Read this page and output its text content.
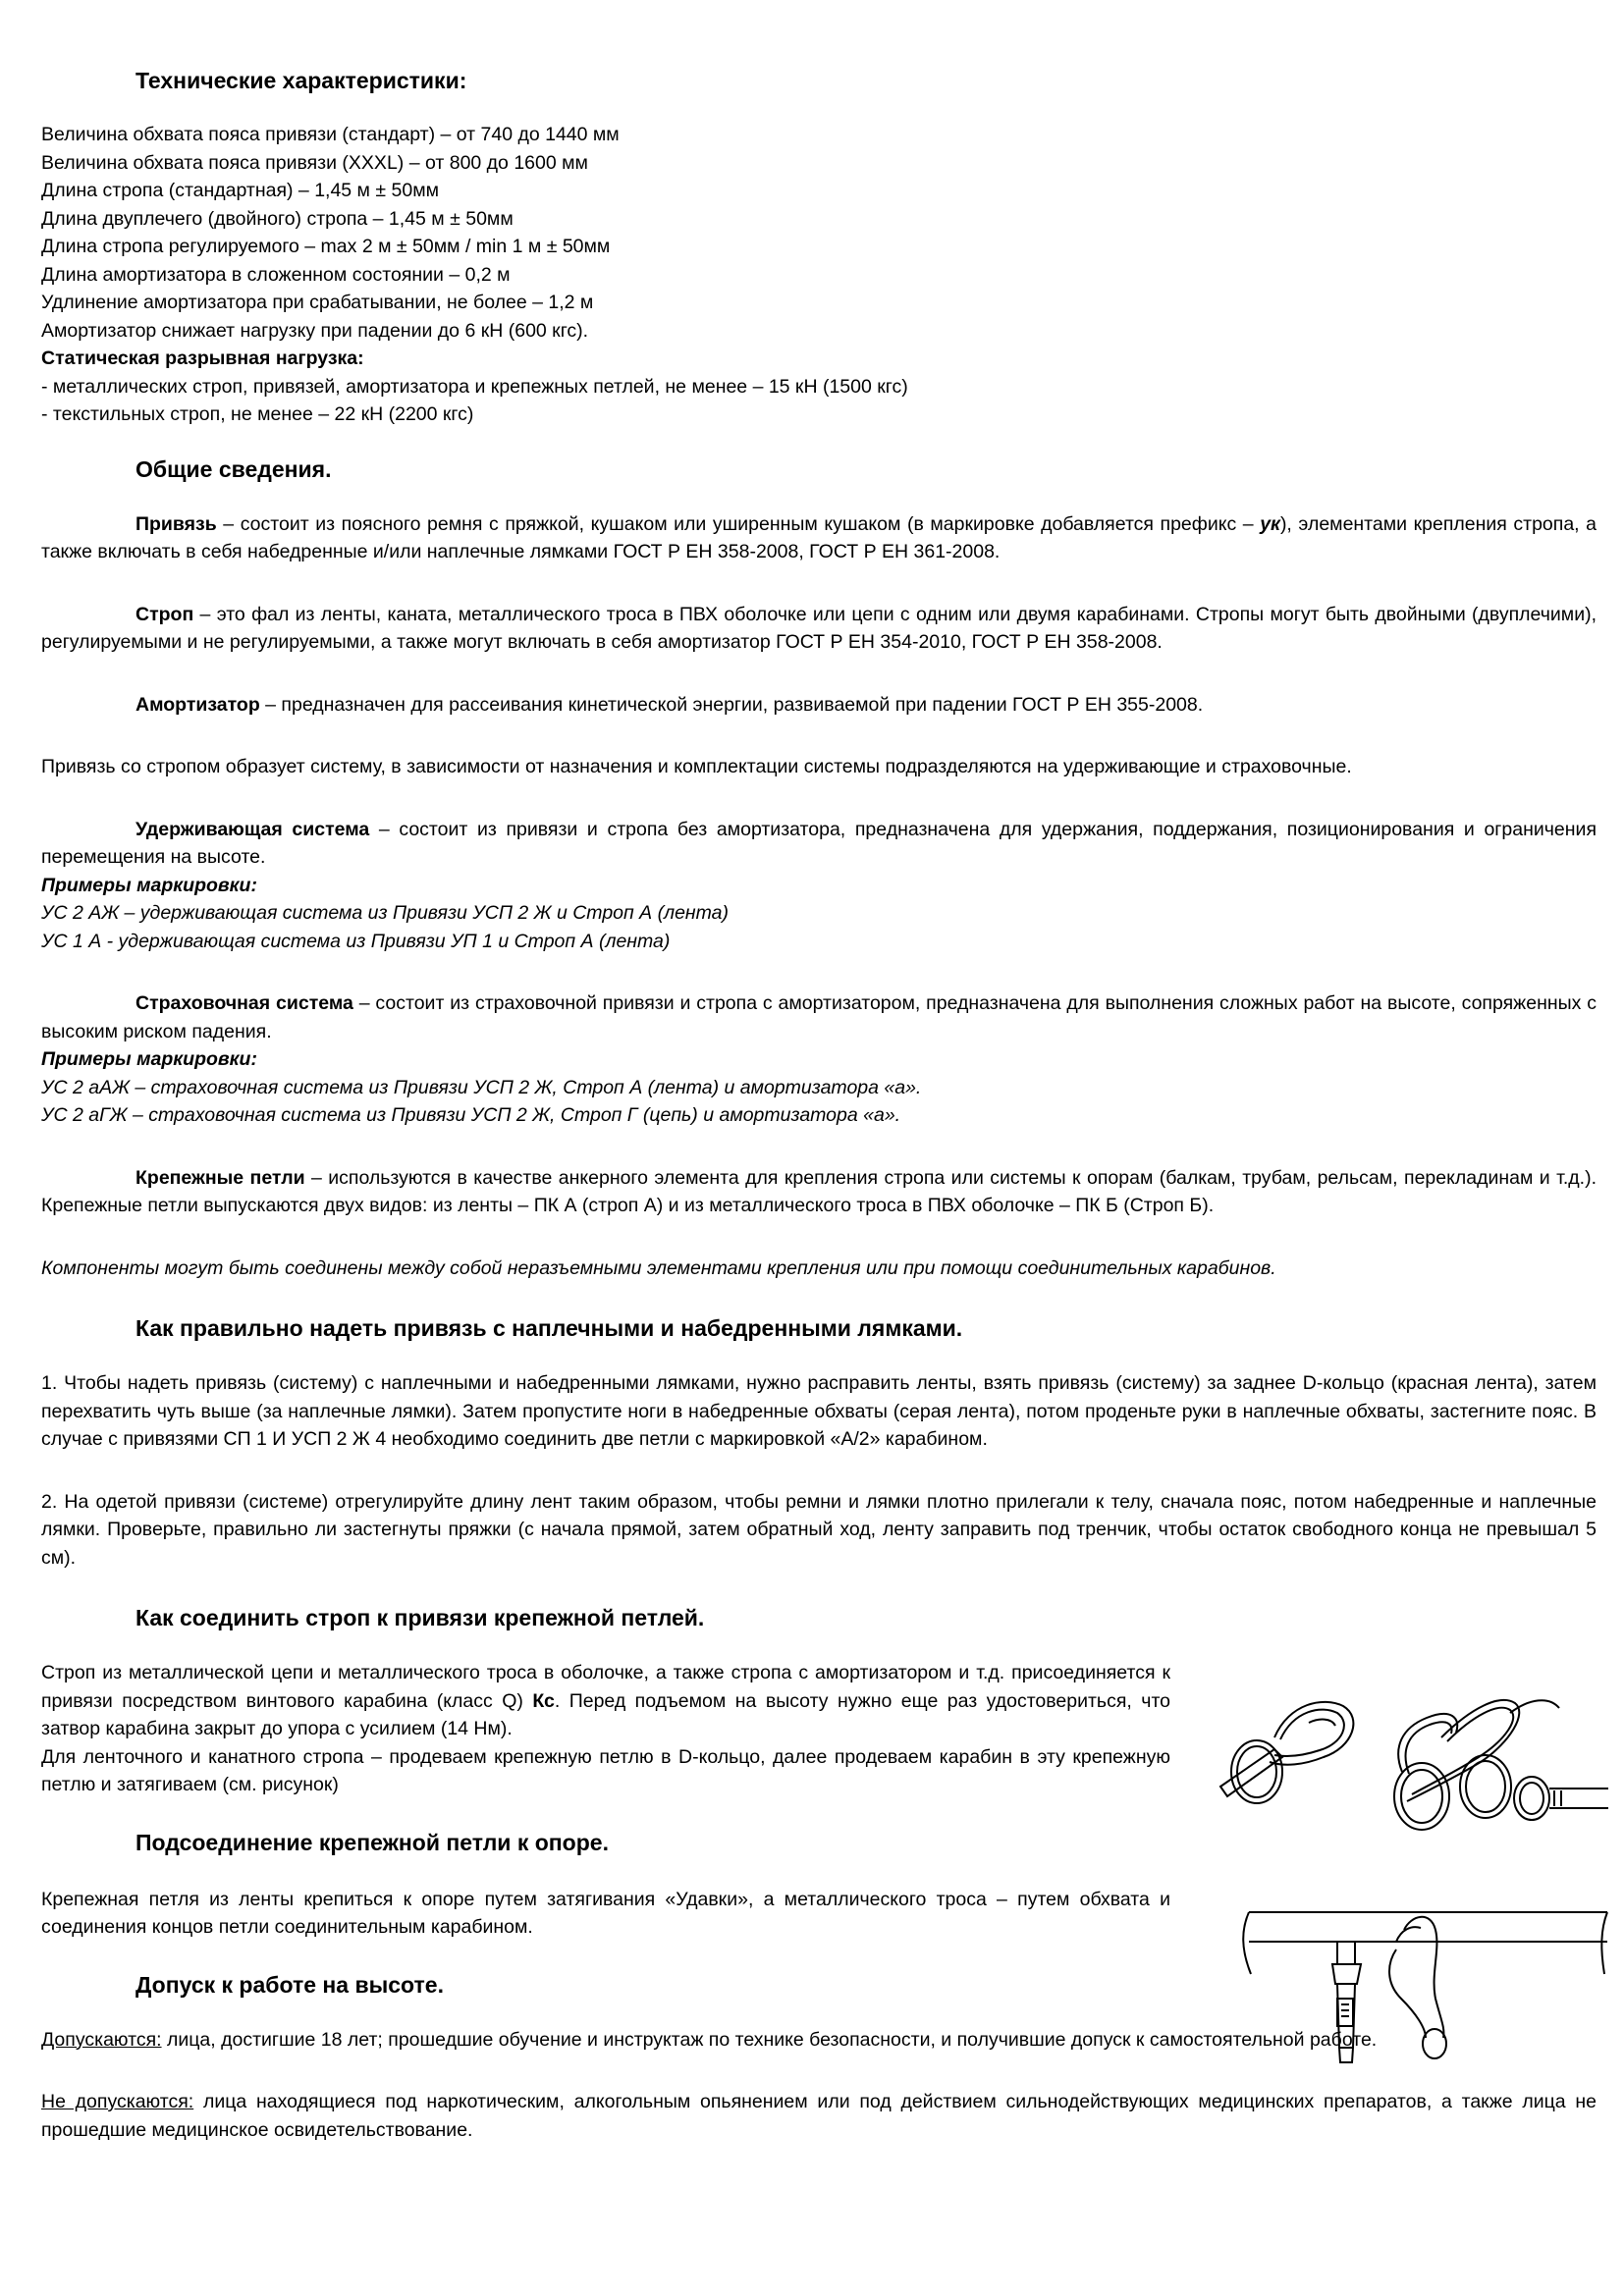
Технические характеристики:

Величина обхвата пояса привязи (стандарт) – от 740 до 1440 мм

Величина обхвата пояса привязи (XXXL) – от 800 до 1600 мм

Длина стропа (стандартная) – 1,45 м ± 50мм

Длина двуплечего (двойного) стропа – 1,45 м ± 50мм

Длина стропа регулируемого – max 2 м ± 50мм / min 1 м ± 50мм

Длина амортизатора в сложенном состоянии – 0,2 м

Удлинение амортизатора при срабатывании, не более – 1,2 м

Амортизатор снижает нагрузку при падении до 6 кН (600 кгс).

Статическая разрывная нагрузка:

- металлических строп, привязей, амортизатора и крепежных петлей, не менее – 15 кН (1500 кгс)

- текстильных строп, не менее – 22 кН (2200 кгс)

Общие сведения.

Привязь – состоит из поясного ремня с пряжкой, кушаком или уширенным кушаком (в маркировке добавляется префикс – ук), элементами крепления стропа, а также включать в себя набедренные и/или наплечные лямками ГОСТ Р ЕН 358-2008, ГОСТ Р ЕН 361-2008.

Строп – это фал из ленты, каната, металлического троса в ПВХ оболочке или цепи с одним или двумя карабинами. Стропы могут быть двойными (двуплечими), регулируемыми и не регулируемыми, а также могут включать в себя амортизатор ГОСТ Р ЕН 354-2010, ГОСТ Р ЕН 358-2008.

Амортизатор – предназначен для рассеивания кинетической энергии, развиваемой при падении ГОСТ Р ЕН 355-2008.

Привязь со стропом образует систему, в зависимости от назначения и комплектации системы подразделяются на удерживающие и страховочные.

Удерживающая система – состоит из привязи и стропа без амортизатора, предназначена для удержания, поддержания, позиционирования и ограничения перемещения на высоте.

Примеры маркировки:

УС 2 АЖ – удерживающая система из Привязи УСП 2 Ж и Строп А (лента)

УС 1 А - удерживающая система из Привязи УП 1 и Строп А (лента)

Страховочная система – состоит из страховочной привязи и стропа с амортизатором, предназначена для выполнения сложных работ на высоте, сопряженных с высоким риском падения.

Примеры маркировки:

УС 2 аАЖ – страховочная система из Привязи УСП 2 Ж, Строп А (лента) и амортизатора «а».

УС 2 аГЖ – страховочная система из Привязи УСП 2 Ж, Строп Г (цепь) и амортизатора «а».

Крепежные петли – используются в качестве анкерного элемента для крепления стропа или системы к опорам (балкам, трубам, рельсам, перекладинам и т.д.). Крепежные петли выпускаются двух видов: из ленты – ПК А (строп А) и из металлического троса в ПВХ оболочке – ПК Б (Строп Б).

Компоненты могут быть соединены между собой неразъемными элементами крепления или при помощи соединительных карабинов.

Как правильно надеть привязь с наплечными и набедренными лямками.

1. Чтобы надеть привязь (систему) с наплечными и набедренными лямками, нужно расправить ленты, взять привязь (систему) за заднее D-кольцо (красная лента), затем перехватить чуть выше (за наплечные лямки). Затем пропустите ноги в набедренные обхваты (серая лента), потом проденьте руки в наплечные обхваты, застегните пояс. В случае с привязями СП 1 И УСП 2 Ж 4 необходимо соединить две петли с маркировкой «А/2» карабином.

2. На одетой привязи (системе) отрегулируйте длину лент таким образом, чтобы ремни и лямки плотно прилегали к телу, сначала пояс, потом набедренные и наплечные лямки. Проверьте, правильно ли застегнуты пряжки (с начала прямой, затем обратный ход, ленту заправить под тренчик, чтобы остаток свободного конца не превышал 5 см).

Как соединить строп к привязи крепежной петлей.

Строп из металлической цепи и металлического троса в оболочке, а также стропа с амортизатором и т.д. присоединяется к привязи посредством винтового карабина (класс Q) Кс. Перед подъемом на высоту нужно еще раз удостовериться, что затвор карабина закрыт до упора с усилием (14 Нм).

Для ленточного и канатного стропа – продеваем крепежную петлю в D-кольцо, далее продеваем карабин в эту крепежную петлю и затягиваем (см. рисунок)

Подсоединение крепежной петли к опоре.

Крепежная петля из ленты крепиться к опоре путем затягивания «Удавки», а металлического троса – путем обхвата и соединения концов петли соединительным карабином.

Допуск к работе на высоте.

Допускаются: лица, достигшие 18 лет; прошедшие обучение и инструктаж по технике безопасности, и получившие допуск к самостоятельной работе.

Не допускаются: лица находящиеся под наркотическим, алкогольным опьянением или под действием сильнодействующих медицинских препаратов, а также лица не прошедшие медицинское освидетельствование.
